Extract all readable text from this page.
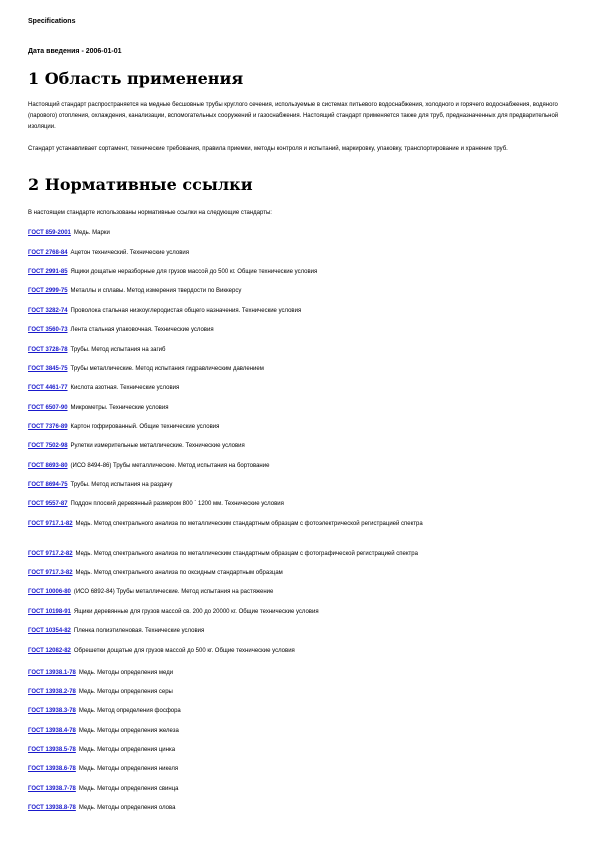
Specifications
Дата введения - 2006-01-01
1 Область применения
Настоящий стандарт распространяется на медные бесшовные трубы круглого сечения, используемые в системах питьевого водоснабжения, холодного и горячего водоснабжения, водяного (парового) отопления, охлаждения, канализации, вспомогательных сооружений и газоснабжения. Настоящий стандарт применяется также для труб, предназначенных для предварительной изоляции.
Стандарт устанавливает сортамент, технические требования, правила приемки, методы контроля и испытаний, маркировку, упаковку, транспортирование и хранение труб.
2 Нормативные ссылки
В настоящем стандарте использованы нормативные ссылки на следующие стандарты:
ГОСТ 859-2001 Медь. Марки
ГОСТ 2768-84 Ацетон технический. Технические условия
ГОСТ 2991-85 Ящики дощатые неразборные для грузов массой до 500 кг. Общие технические условия
ГОСТ 2999-75 Металлы и сплавы. Метод измерения твердости по Виккерсу
ГОСТ 3282-74 Проволока стальная низкоуглеродистая общего назначения. Технические условия
ГОСТ 3560-73 Лента стальная упаковочная. Технические условия
ГОСТ 3728-78 Трубы. Метод испытания на загиб
ГОСТ 3845-75 Трубы металлические. Метод испытания гидравлическим давлением
ГОСТ 4461-77 Кислота азотная. Технические условия
ГОСТ 6507-90 Микрометры. Технические условия
ГОСТ 7376-89 Картон гофрированный. Общие технические условия
ГОСТ 7502-98 Рулетки измерительные металлические. Технические условия
ГОСТ 8693-80 (ИСО 8494-86) Трубы металлические. Метод испытания на бортование
ГОСТ 8694-75 Трубы. Метод испытания на раздачу
ГОСТ 9557-87 Поддон плоский деревянный размером 800 ´ 1200 мм. Технические условия
ГОСТ 9717.1-82 Медь. Метод спектрального анализа по металлическим стандартным образцам с фотоэлектрической регистрацией спектра
ГОСТ 9717.2-82 Медь. Метод спектрального анализа по металлическим стандартным образцам с фотографической регистрацией спектра
ГОСТ 9717.3-82 Медь. Метод спектрального анализа по оксидным стандартным образцам
ГОСТ 10006-80 (ИСО 6892-84) Трубы металлические. Метод испытания на растяжение
ГОСТ 10198-91 Ящики деревянные для грузов массой св. 200 до 20000 кг. Общие технические условия
ГОСТ 10354-82 Пленка полиэтиленовая. Технические условия
ГОСТ 12082-82 Обрешетки дощатые для грузов массой до 500 кг. Общие технические условия
ГОСТ 13938.1-78 Медь. Методы определения меди
ГОСТ 13938.2-78 Медь. Методы определения серы
ГОСТ 13938.3-78 Медь. Метод определения фосфора
ГОСТ 13938.4-78 Медь. Методы определения железа
ГОСТ 13938.5-78 Медь. Методы определения цинка
ГОСТ 13938.6-78 Медь. Методы определения никеля
ГОСТ 13938.7-78 Медь. Методы определения свинца
ГОСТ 13938.8-78 Медь. Методы определения олова
